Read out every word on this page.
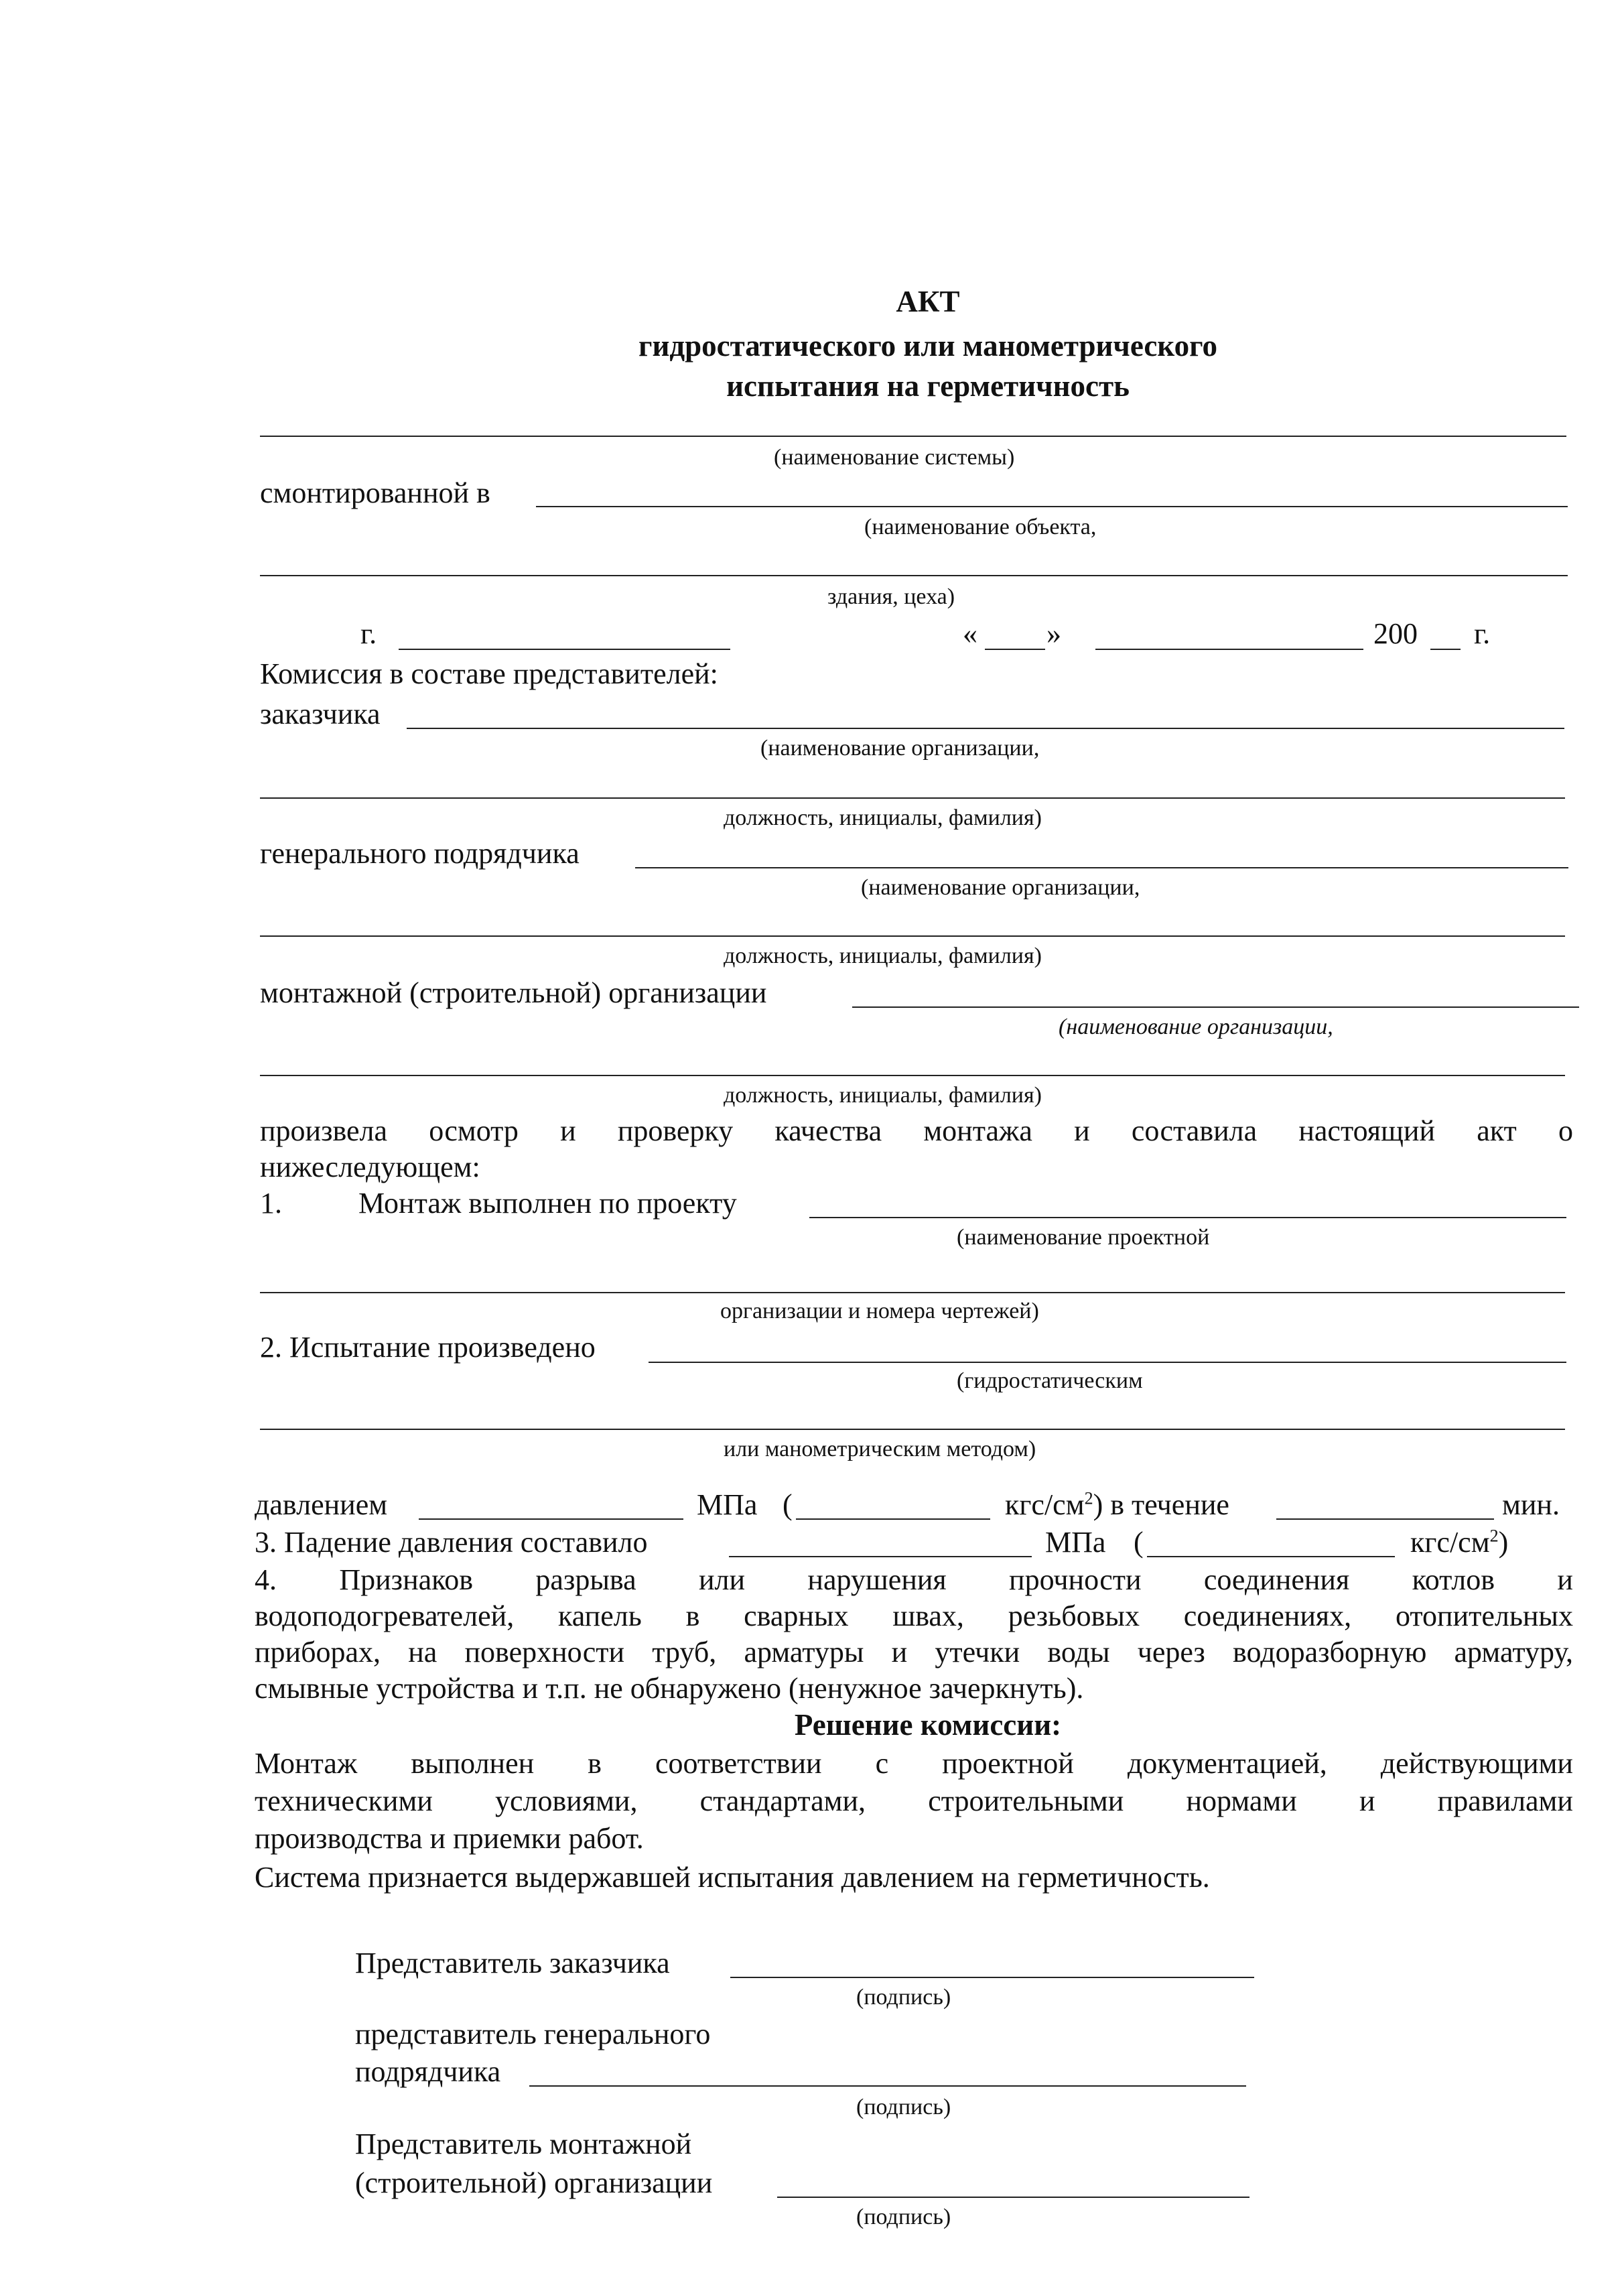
АКТ
гидростатического или манометрического
испытания на герметичность
(наименование системы)
смонтированной в
(наименование объекта,
здания, цеха)
г.	« »	200 г.
Комиссия в составе представителей:
заказчика
(наименование организации,
должность, инициалы, фамилия)
генерального подрядчика
(наименование организации,
должность, инициалы, фамилия)
монтажной (строительной) организации
(наименование организации,
должность, инициалы, фамилия)
произвела осмотр и проверку качества монтажа и составила настоящий акт о
нижеследующем:
1.	Монтаж выполнен по проекту
(наименование проектной
организации и номера чертежей)
2. Испытание произведено
(гидростатическим
или манометрическим методом)
давлением	МПа (	кгс/$см^2$) в течение	мин.
3. Падение давления составило	МПа (	кгс/$см^2$)
4. Признаков разрыва или нарушения прочности соединения котлов и
водоподогревателей, капель в сварных швах, резьбовых соединениях, отопительных
приборах, на поверхности труб, арматуры и утечки воды через водоразборную арматуру,
смывные устройства и т.п. не обнаружено (ненужное зачеркнуть).
Решение комиссии:
Монтаж выполнен в соответствии с проектной документацией, действующими
техническими условиями, стандартами, строительными нормами и правилами
производства и приемки работ.
Система признается выдержавшей испытания давлением на герметичность.
Представитель заказчика
(подпись)
представитель генерального
подрядчика
(подпись)
Представитель монтажной
(строительной) организации
(подпись)
